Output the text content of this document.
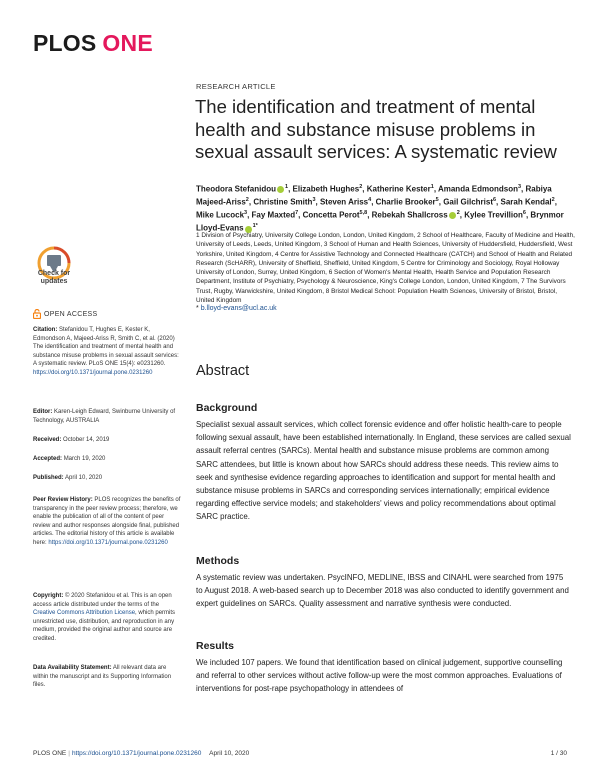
PLOS ONE
RESEARCH ARTICLE
The identification and treatment of mental health and substance misuse problems in sexual assault services: A systematic review
Theodora Stefanidou $^1$, Elizabeth Hughes$^2$, Katherine Kester$^1$, Amanda Edmondson$^3$, Rabiya Majeed-Ariss$^2$, Christine Smith$^3$, Steven Ariss$^4$, Charlie Brooker$^5$, Gail Gilchrist$^6$, Sarah Kendal$^2$, Mike Lucock$^3$, Fay Maxted$^7$, Concetta Perot$^{5,8}$, Rebekah Shallcross $^2$, Kylee Trevillion$^6$, Brynmor Lloyd-Evans $^{1*}$
1 Division of Psychiatry, University College London, London, United Kingdom, 2 School of Healthcare, Faculty of Medicine and Health, University of Leeds, Leeds, United Kingdom, 3 School of Human and Health Sciences, University of Huddersfield, Huddersfield, West Yorkshire, United Kingdom, 4 Centre for Assistive Technology and Connected Healthcare (CATCH) and School of Health and Related Research (ScHARR), University of Sheffield, Sheffield, United Kingdom, 5 Centre for Criminology and Sociology, Royal Holloway University of London, Surrey, United Kingdom, 6 Section of Women's Mental Health, Health Service and Population Research Department, Institute of Psychiatry, Psychology & Neuroscience, King's College London, London, United Kingdom, 7 The Survivors Trust, Rugby, Warwickshire, United Kingdom, 8 Bristol Medical School: Population Health Sciences, University of Bristol, Bristol, United Kingdom
* b.lloyd-evans@ucl.ac.uk
Check for
updates
OPEN ACCESS
Citation: Stefanidou T, Hughes E, Kester K, Edmondson A, Majeed-Ariss R, Smith C, et al. (2020) The identification and treatment of mental health and substance misuse problems in sexual assault services: A systematic review. PLoS ONE 15(4): e0231260. https://doi.org/10.1371/journal.pone.0231260
Editor: Karen-Leigh Edward, Swinburne University of Technology, AUSTRALIA
Received: October 14, 2019
Accepted: March 19, 2020
Published: April 10, 2020
Peer Review History: PLOS recognizes the benefits of transparency in the peer review process; therefore, we enable the publication of all of the content of peer review and author responses alongside final, published articles. The editorial history of this article is available here: https://doi.org/10.1371/journal.pone.0231260
Copyright: © 2020 Stefanidou et al. This is an open access article distributed under the terms of the Creative Commons Attribution License, which permits unrestricted use, distribution, and reproduction in any medium, provided the original author and source are credited.
Data Availability Statement: All relevant data are within the manuscript and its Supporting Information files.
Abstract
Background
Specialist sexual assault services, which collect forensic evidence and offer holistic health-care to people following sexual assault, have been established internationally. In England, these services are called sexual assault referral centres (SARCs). Mental health and substance misuse problems are common among SARC attendees, but little is known about how SARCs should address these needs. This review aims to seek and synthesise evidence regarding approaches to identification and support for mental health and substance misuse problems in SARCs and corresponding services internationally; empirical evidence regarding effective service models; and stakeholders' views and policy recommendations about optimal SARC practice.
Methods
A systematic review was undertaken. PsycINFO, MEDLINE, IBSS and CINAHL were searched from 1975 to August 2018. A web-based search up to December 2018 was also conducted to identify government and expert guidelines on SARCs. Quality assessment and narrative synthesis were conducted.
Results
We included 107 papers. We found that identification based on clinical judgement, supportive counselling and referral to other services without active follow-up were the most common approaches. Evaluations of interventions for post-rape psychopathology in attendees of
PLOS ONE | https://doi.org/10.1371/journal.pone.0231260 April 10, 2020	1 / 30
